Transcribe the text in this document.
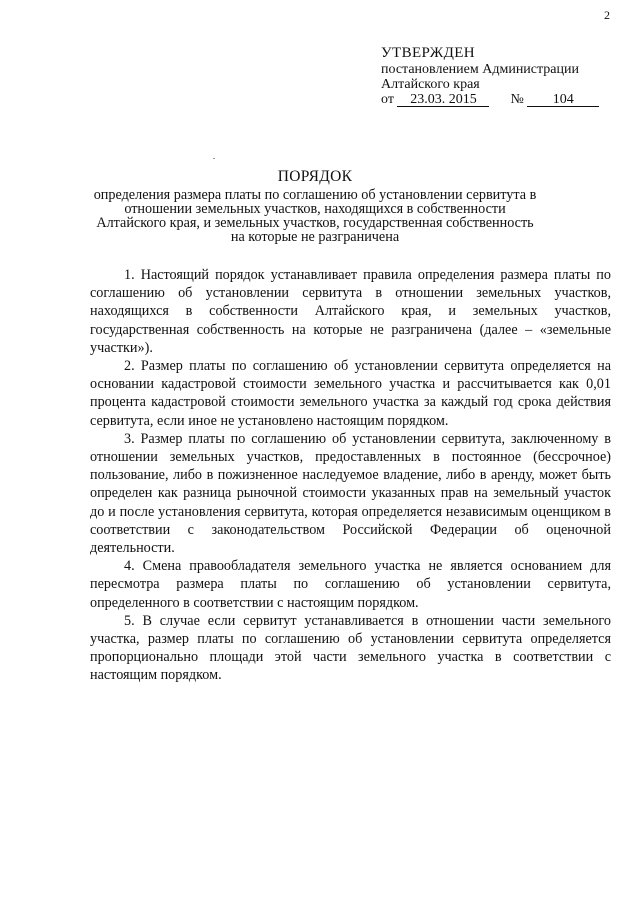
2
УТВЕРЖДЕН
постановлением Администрации
Алтайского края
от 23.03. 2015 № 104
ПОРЯДОК
определения размера платы по соглашению об установлении сервитута в отношении земельных участков, находящихся в собственности Алтайского края, и земельных участков, государственная собственность на которые не разграничена

1. Настоящий порядок устанавливает правила определения размера платы по соглашению об установлении сервитута в отношении земельных участков, находящихся в собственности Алтайского края, и земельных участков, государственная собственность на которые не разграничена (далее – «земельные участки»).

2. Размер платы по соглашению об установлении сервитута определяется на основании кадастровой стоимости земельного участка и рассчитывается как 0,01 процента кадастровой стоимости земельного участка за каждый год срока действия сервитута, если иное не установлено настоящим порядком.

3. Размер платы по соглашению об установлении сервитута, заключенному в отношении земельных участков, предоставленных в постоянное (бессрочное) пользование, либо в пожизненное наследуемое владение, либо в аренду, может быть определен как разница рыночной стоимости указанных прав на земельный участок до и после установления сервитута, которая определяется независимым оценщиком в соответствии с законодательством Российской Федерации об оценочной деятельности.

4. Смена правообладателя земельного участка не является основанием для пересмотра размера платы по соглашению об установлении сервитута, определенного в соответствии с настоящим порядком.

5. В случае если сервитут устанавливается в отношении части земельного участка, размер платы по соглашению об установлении сервитута определяется пропорционально площади этой части земельного участка в соответствии с настоящим порядком.
